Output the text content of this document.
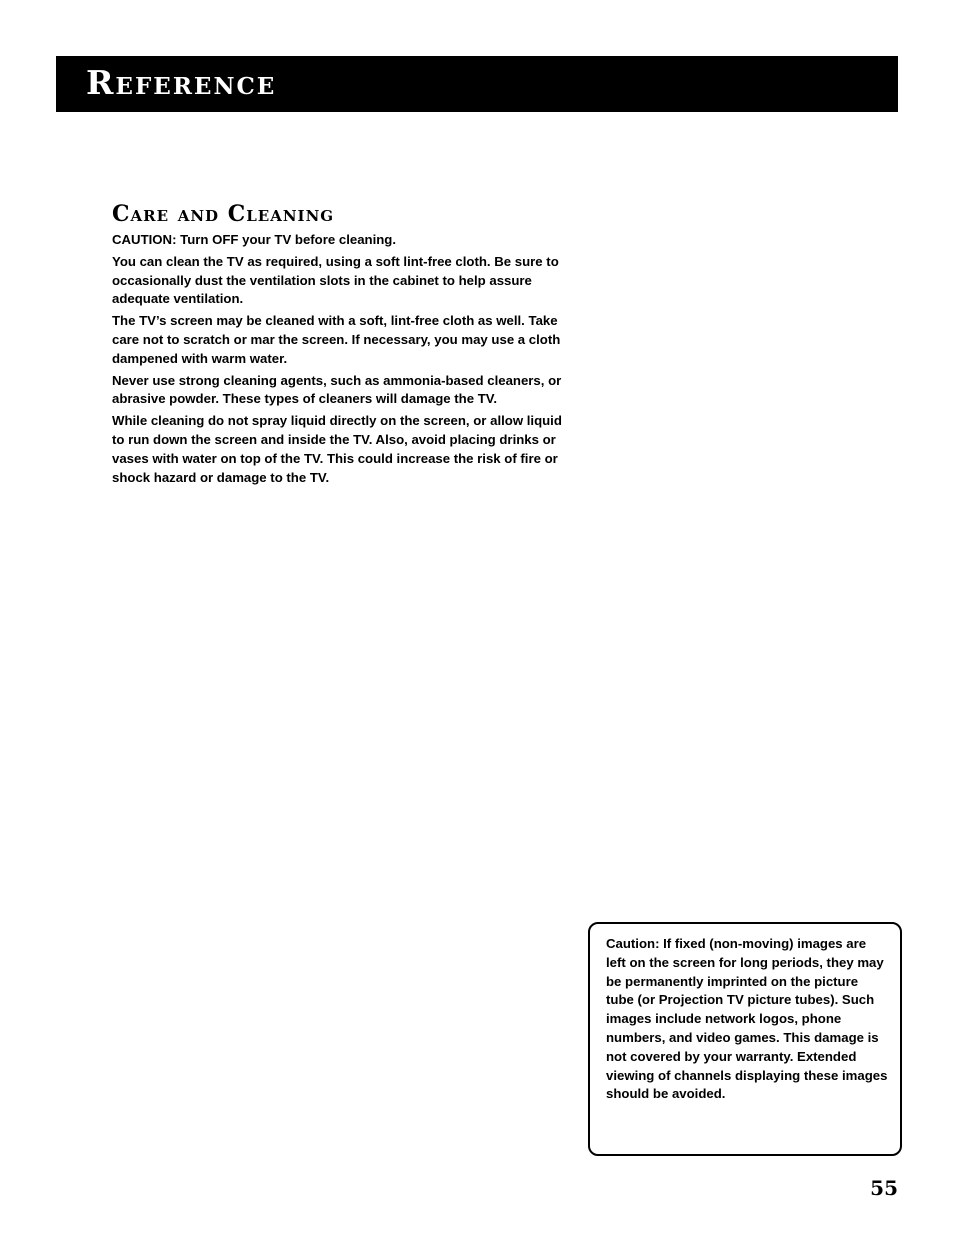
Reference
Care and Cleaning

CAUTION: Turn OFF your TV before cleaning.

You can clean the TV as required, using a soft lint-free cloth. Be sure to occasionally dust the ventilation slots in the cabinet to help assure adequate ventilation.

The TV’s screen may be cleaned with a soft, lint-free cloth as well. Take care not to scratch or mar the screen. If necessary, you may use a cloth dampened with warm water.

Never use strong cleaning agents, such as ammonia-based cleaners, or abrasive powder. These types of cleaners will damage the TV.

While cleaning do not spray liquid directly on the screen, or allow liquid to run down the screen and inside the TV. Also, avoid placing drinks or vases with water on top of the TV. This could increase the risk of fire or shock hazard or damage to the TV.

Caution: If fixed (non-moving) images are left on the screen for long periods, they may be permanently imprinted on the picture tube (or Projection TV picture tubes). Such images include network logos, phone numbers, and video games. This damage is not covered by your warranty. Extended viewing of channels displaying these images should be avoided.

55
